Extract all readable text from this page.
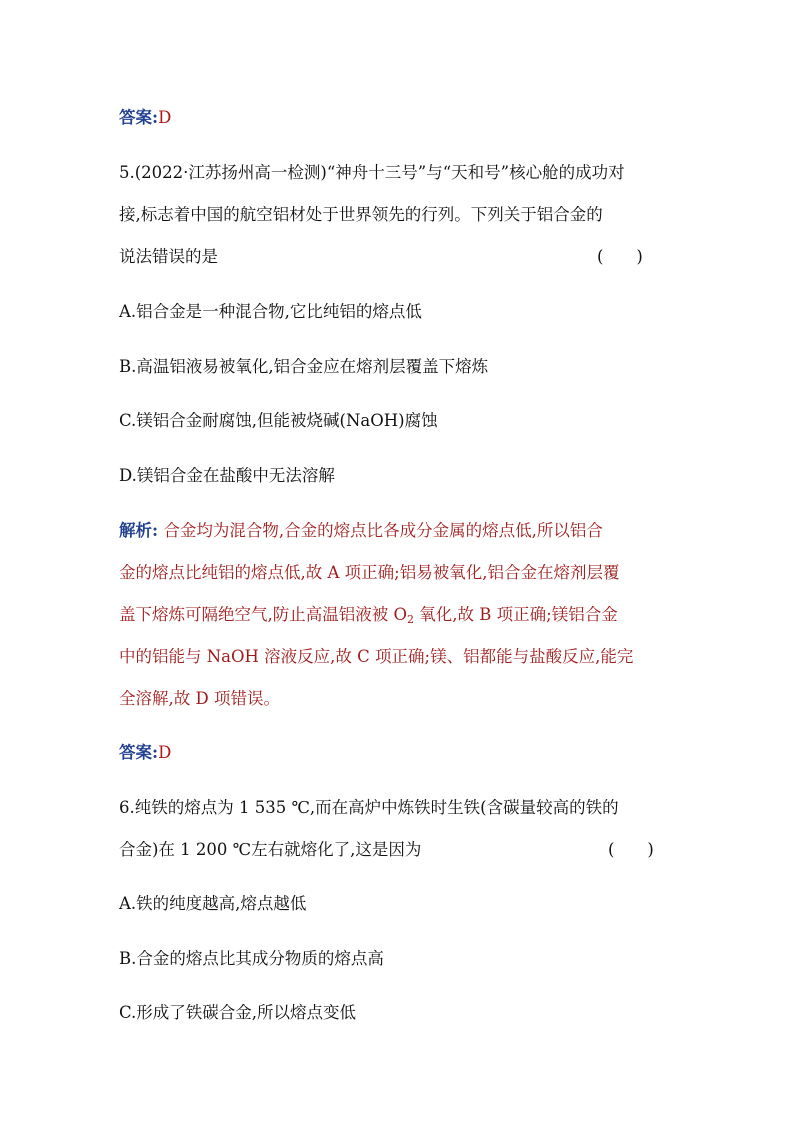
答案:D
5.(2022·江苏扬州高一检测)“神舟十三号”与“天和号”核心舱的成功对
接,标志着中国的航空铝材处于世界领先的行列。下列关于铝合金的
说法错误的是	(　　)
A.铝合金是一种混合物,它比纯铝的熔点低
B.高温铝液易被氧化,铝合金应在熔剂层覆盖下熔炼
C.镁铝合金耐腐蚀,但能被烧碱(NaOH)腐蚀
D.镁铝合金在盐酸中无法溶解
解析: 合金均为混合物,合金的熔点比各成分金属的熔点低,所以铝合
金的熔点比纯铝的熔点低,故 A 项正确;铝易被氧化,铝合金在熔剂层覆
盖下熔炼可隔绝空气,防止高温铝液被 $O_2$ 氧化,故 B 项正确;镁铝合金
中的铝能与 NaOH 溶液反应,故 C 项正确;镁、铝都能与盐酸反应,能完
全溶解,故 D 项错误。
答案:D
6.纯铁的熔点为 1 535 ℃,而在高炉中炼铁时生铁(含碳量较高的铁的
合金)在 1 200 ℃左右就熔化了,这是因为	(　　)
A.铁的纯度越高,熔点越低
B.合金的熔点比其成分物质的熔点高
C.形成了铁碳合金,所以熔点变低
